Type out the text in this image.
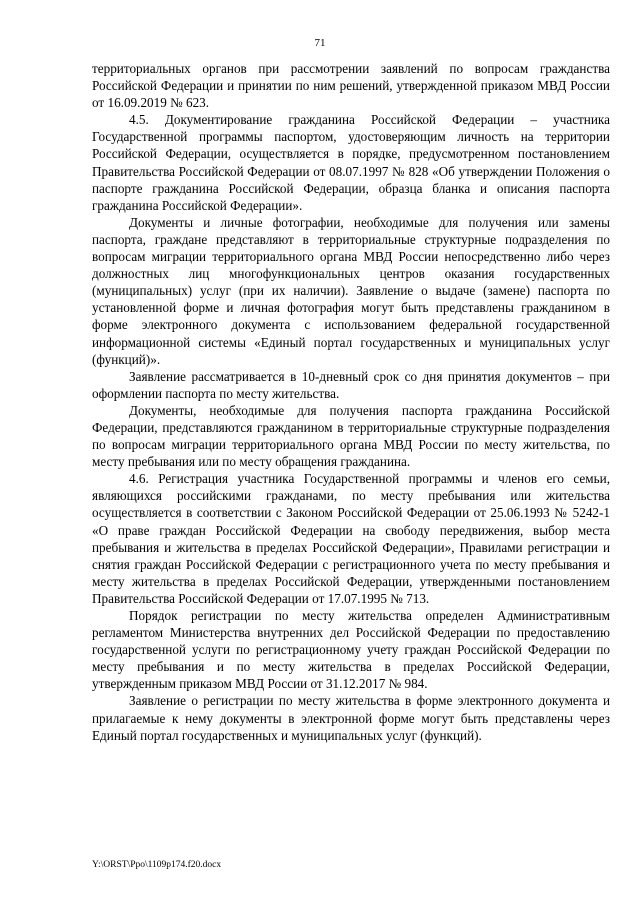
71

территориальных органов при рассмотрении заявлений по вопросам гражданства Российской Федерации и принятии по ним решений, утвержденной приказом МВД России от 16.09.2019 № 623.

4.5. Документирование гражданина Российской Федерации – участника Государственной программы паспортом, удостоверяющим личность на территории Российской Федерации, осуществляется в порядке, предусмотренном постановлением Правительства Российской Федерации от 08.07.1997 № 828 «Об утверждении Положения о паспорте гражданина Российской Федерации, образца бланка и описания паспорта гражданина Российской Федерации».

Документы и личные фотографии, необходимые для получения или замены паспорта, граждане представляют в территориальные структурные подразделения по вопросам миграции территориального органа МВД России непосредственно либо через должностных лиц многофункциональных центров оказания государственных (муниципальных) услуг (при их наличии). Заявление о выдаче (замене) паспорта по установленной форме и личная фотография могут быть представлены гражданином в форме электронного документа с использованием федеральной государственной информационной системы «Единый портал государственных и муниципальных услуг (функций)».

Заявление рассматривается в 10-дневный срок со дня принятия документов – при оформлении паспорта по месту жительства.

Документы, необходимые для получения паспорта гражданина Российской Федерации, представляются гражданином в территориальные структурные подразделения по вопросам миграции территориального органа МВД России по месту жительства, по месту пребывания или по месту обращения гражданина.

4.6. Регистрация участника Государственной программы и членов его семьи, являющихся российскими гражданами, по месту пребывания или жительства осуществляется в соответствии с Законом Российской Федерации от 25.06.1993 № 5242-1 «О праве граждан Российской Федерации на свободу передвижения, выбор места пребывания и жительства в пределах Российской Федерации», Правилами регистрации и снятия граждан Российской Федерации с регистрационного учета по месту пребывания и месту жительства в пределах Российской Федерации, утвержденными постановлением Правительства Российской Федерации от 17.07.1995 № 713.

Порядок регистрации по месту жительства определен Административным регламентом Министерства внутренних дел Российской Федерации по предоставлению государственной услуги по регистрационному учету граждан Российской Федерации по месту пребывания и по месту жительства в пределах Российской Федерации, утвержденным приказом МВД России от 31.12.2017 № 984.

Заявление о регистрации по месту жительства в форме электронного документа и прилагаемые к нему документы в электронной форме могут быть представлены через Единый портал государственных и муниципальных услуг (функций).

Y:\ORST\Ppo\1109p174.f20.docx
